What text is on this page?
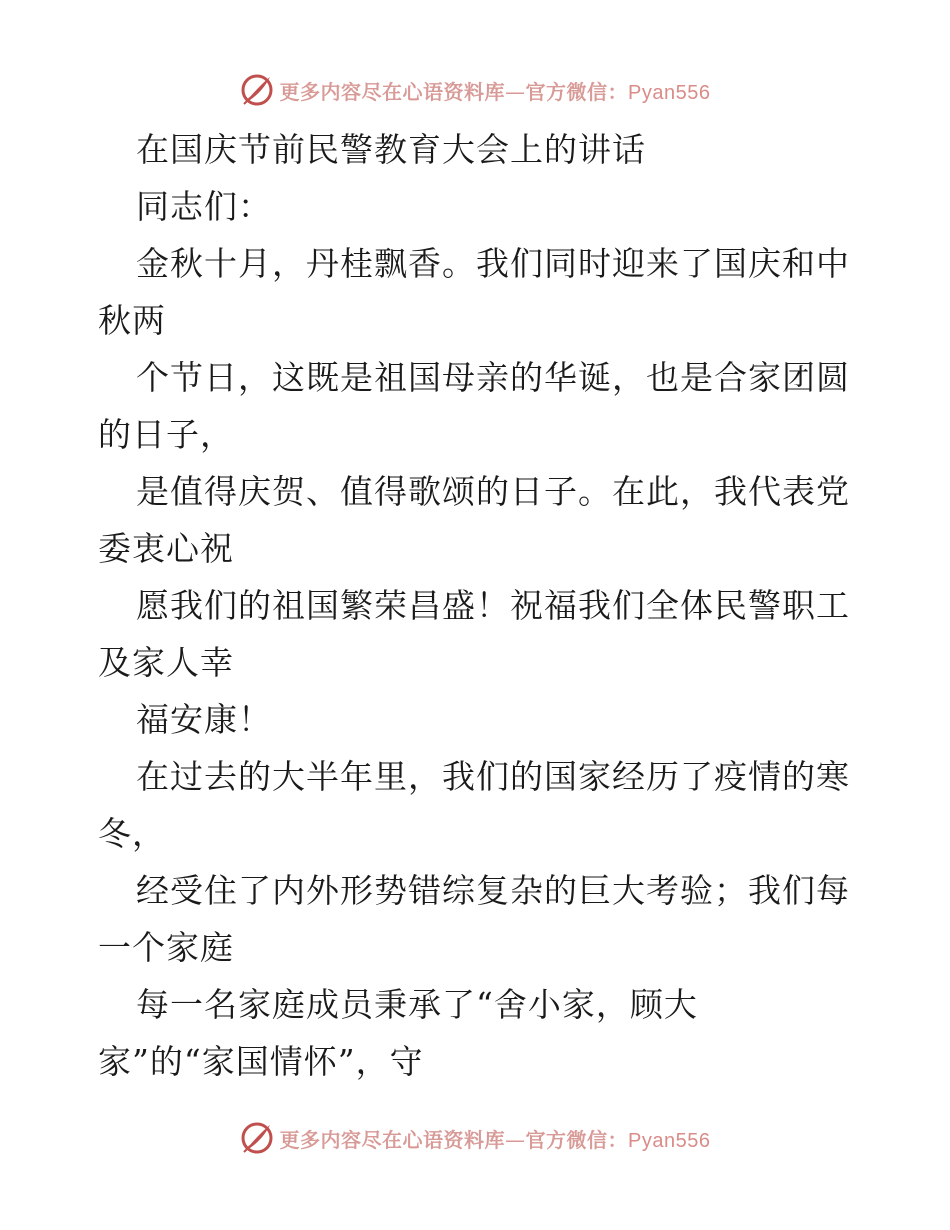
更多内容尽在心语资料库—官方微信：Pyan556
在国庆节前民警教育大会上的讲话
同志们：
金秋十月，丹桂飘香。我们同时迎来了国庆和中
秋两
个节日，这既是祖国母亲的华诞，也是合家团圆
的日子，
是值得庆贺、值得歌颂的日子。在此，我代表党
委衷心祝
愿我们的祖国繁荣昌盛！祝福我们全体民警职工
及家人幸
福安康！
在过去的大半年里，我们的国家经历了疫情的寒
冬，
经受住了内外形势错综复杂的巨大考验；我们每
一个家庭
每一名家庭成员秉承了“舍小家，顾大
家”的“家国情怀”，守
更多内容尽在心语资料库—官方微信：Pyan556
